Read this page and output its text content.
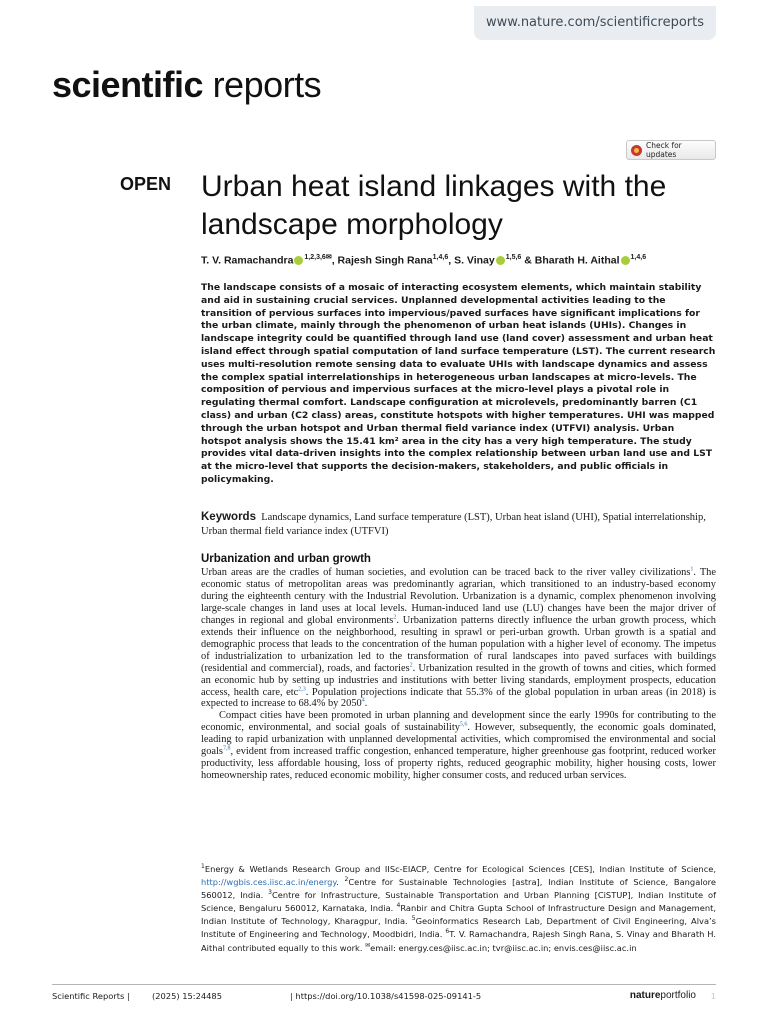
www.nature.com/scientificreports
scientific reports
Check for updates
OPEN Urban heat island linkages with the landscape morphology
T. V. Ramachandra $^{1,2,3,6✉}$, Rajesh Singh Rana$^{1,4,6}$, S. Vinay $^{1,5,6}$ & Bharath H. Aithal $^{1,4,6}$

The landscape consists of a mosaic of interacting ecosystem elements, which maintain stability and aid in sustaining crucial services. Unplanned developmental activities leading to the transition of pervious surfaces into impervious/paved surfaces have significant implications for the urban climate, mainly through the phenomenon of urban heat islands (UHIs). Changes in landscape integrity could be quantified through land use (land cover) assessment and urban heat island effect through spatial computation of land surface temperature (LST). The current research uses multi-resolution remote sensing data to evaluate UHIs with landscape dynamics and assess the complex spatial interrelationships in heterogeneous urban landscapes at micro-levels. The composition of pervious and impervious surfaces at the micro-level plays a pivotal role in regulating thermal comfort. Landscape configuration at microlevels, predominantly barren (C1 class) and urban (C2 class) areas, constitute hotspots with higher temperatures. UHI was mapped through the urban hotspot and Urban thermal field variance index (UTFVI) analysis. Urban hotspot analysis shows the 15.41 km² area in the city has a very high temperature. The study provides vital data-driven insights into the complex relationship between urban land use and LST at the micro-level that supports the decision-makers, stakeholders, and public officials in policymaking.

Keywords Landscape dynamics, Land surface temperature (LST), Urban heat island (UHI), Spatial interrelationship, Urban thermal field variance index (UTFVI)

Urbanization and urban growth

Urban areas are the cradles of human societies, and evolution can be traced back to the river valley civilizations$^1$. The economic status of metropolitan areas was predominantly agrarian, which transitioned to an industry-based economy during the eighteenth century with the Industrial Revolution. Urbanization is a dynamic, complex phenomenon involving large-scale changes in land uses at local levels. Human-induced land use (LU) changes have been the major driver of changes in regional and global environments$^2$. Urbanization patterns directly influence the urban growth process, which extends their influence on the neighborhood, resulting in sprawl or peri-urban growth. Urban growth is a spatial and demographic process that leads to the concentration of the human population with a higher level of economy. The impetus of industrialization to urbanization led to the transformation of rural landscapes into paved surfaces with buildings (residential and commercial), roads, and factories$^2$. Urbanization resulted in the growth of towns and cities, which formed an economic hub by setting up industries and institutions with better living standards, employment prospects, education access, health care, etc$^{2,3}$. Population projections indicate that 55.3% of the global population in urban areas (in 2018) is expected to increase to 68.4% by 2050$^4$.

Compact cities have been promoted in urban planning and development since the early 1990s for contributing to the economic, environmental, and social goals of sustainability$^{5,6}$. However, subsequently, the economic goals dominated, leading to rapid urbanization with unplanned developmental activities, which compromised the environmental and social goals$^{7,8}$, evident from increased traffic congestion, enhanced temperature, higher greenhouse gas footprint, reduced worker productivity, less affordable housing, loss of property rights, reduced geographic mobility, higher housing costs, lower homeownership rates, reduced economic mobility, higher consumer costs, and reduced urban services.

$^1$Energy & Wetlands Research Group and IISc-EIACP, Centre for Ecological Sciences [CES], Indian Institute of Science, http://wgbis.ces.iisc.ac.in/energy. $^2$Centre for Sustainable Technologies [astra], Indian Institute of Science, Bangalore 560012, India. $^3$Centre for Infrastructure, Sustainable Transportation and Urban Planning [CiSTUP], Indian Institute of Science, Bengaluru 560012, Karnataka, India. $^4$Ranbir and Chitra Gupta School of Infrastructure Design and Management, Indian Institute of Technology, Kharagpur, India. $^5$Geoinformatics Research Lab, Department of Civil Engineering, Alva’s Institute of Engineering and Technology, Moodbidri, India. $^6$T. V. Ramachandra, Rajesh Singh Rana, S. Vinay and Bharath H. Aithal contributed equally to this work. ✉email: energy.ces@iisc.ac.in; tvr@iisc.ac.in; envis.ces@iisc.ac.in
Scientific Reports |	(2025) 15:24485	| https://doi.org/10.1038/s41598-025-09141-5	natureportfolio 1
